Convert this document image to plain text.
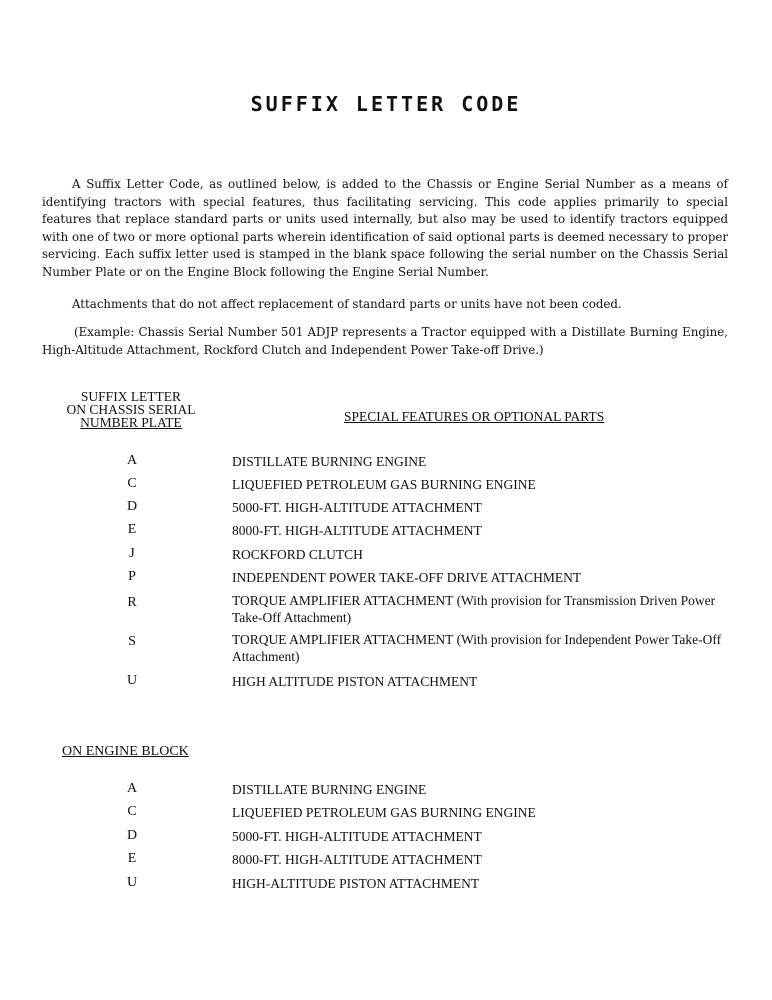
SUFFIX LETTER CODE

A Suffix Letter Code, as outlined below, is added to the Chassis or Engine Serial Number as a means of identifying tractors with special features, thus facilitating servicing. This code applies primarily to special features that replace standard parts or units used internally, but also may be used to identify tractors equipped with one of two or more optional parts wherein identification of said optional parts is deemed necessary to proper servicing. Each suffix letter used is stamped in the blank space following the serial number on the Chassis Serial Number Plate or on the Engine Block following the Engine Serial Number.

Attachments that do not affect replacement of standard parts or units have not been coded.

(Example: Chassis Serial Number 501 ADJP represents a Tractor equipped with a Distillate Burning Engine, High-Altitude Attachment, Rockford Clutch and Independent Power Take-off Drive.)

SUFFIX LETTER
ON CHASSIS SERIAL
NUMBER PLATE	SPECIAL FEATURES OR OPTIONAL PARTS
A	DISTILLATE BURNING ENGINE
C	LIQUEFIED PETROLEUM GAS BURNING ENGINE
D	5000-FT. HIGH-ALTITUDE ATTACHMENT
E	8000-FT. HIGH-ALTITUDE ATTACHMENT
J	ROCKFORD CLUTCH
P	INDEPENDENT POWER TAKE-OFF DRIVE ATTACHMENT
R	TORQUE AMPLIFIER ATTACHMENT (With provision for Transmission Driven Power Take-Off Attachment)
S	TORQUE AMPLIFIER ATTACHMENT (With provision for Independent Power Take-Off Attachment)
U	HIGH ALTITUDE PISTON ATTACHMENT
ON ENGINE BLOCK
A	DISTILLATE BURNING ENGINE
C	LIQUEFIED PETROLEUM GAS BURNING ENGINE
D	5000-FT. HIGH-ALTITUDE ATTACHMENT
E	8000-FT. HIGH-ALTITUDE ATTACHMENT
U	HIGH-ALTITUDE PISTON ATTACHMENT
